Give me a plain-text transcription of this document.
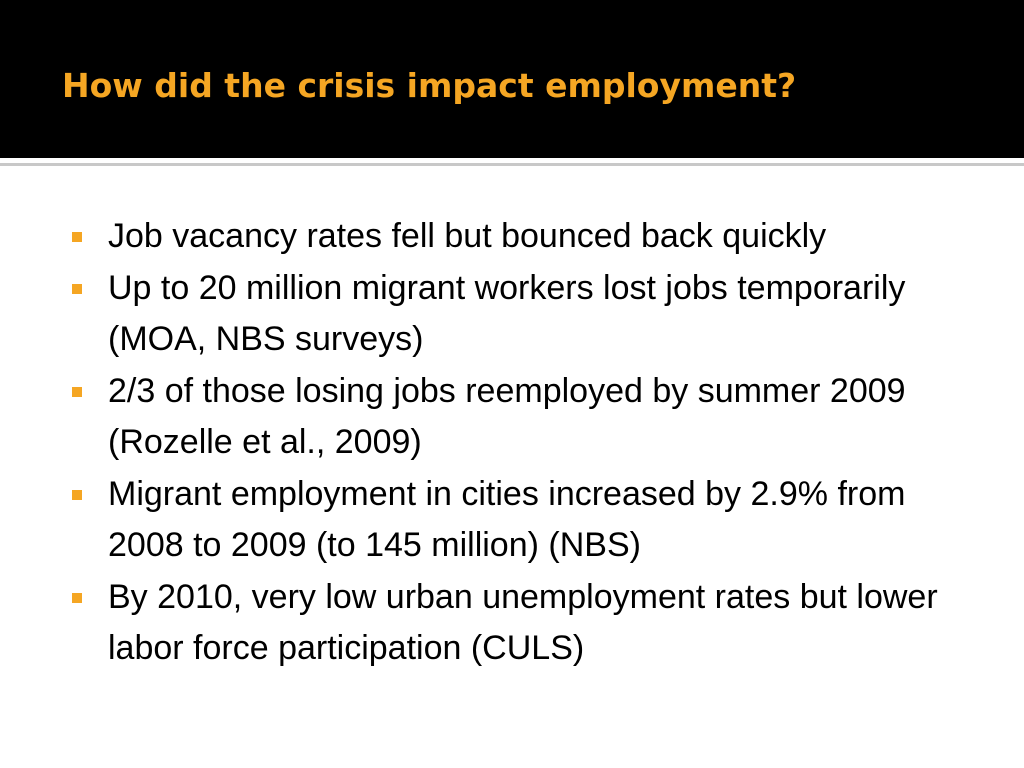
How did the crisis impact employment?
Job vacancy rates fell but bounced back quickly
Up to 20 million migrant workers lost jobs temporarily (MOA, NBS surveys)
2/3 of those losing jobs reemployed by summer 2009 (Rozelle et al., 2009)
Migrant employment in cities increased by 2.9% from 2008 to 2009 (to 145 million) (NBS)
By 2010, very low urban unemployment rates but lower labor force participation (CULS)
